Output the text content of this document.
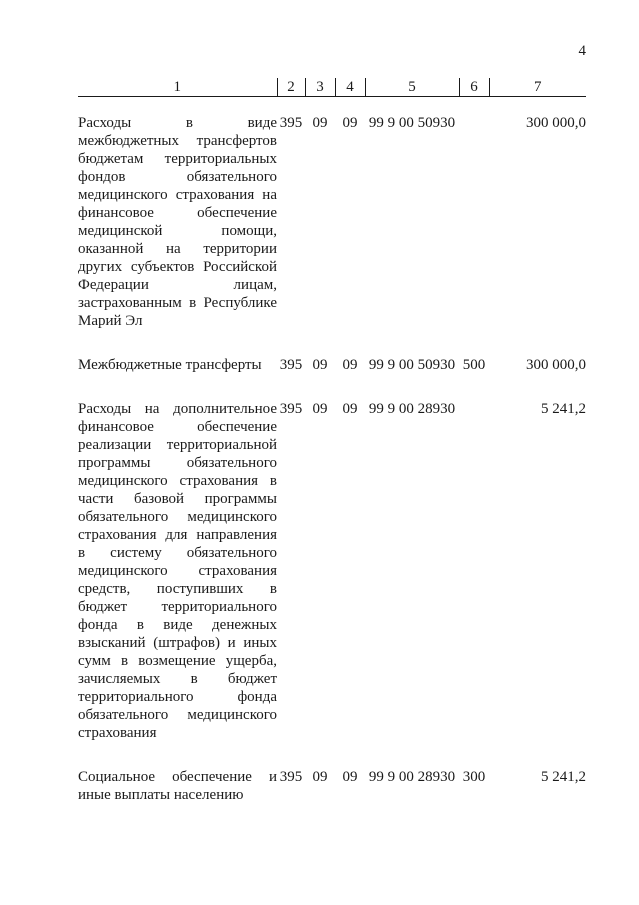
4
1	2	3	4	5	6	7

Расходы в виде межбюджетных трансфертов бюджетам территориальных фондов обязательного медицинского страхования на финансовое обеспечение медицинской помощи, оказанной на территории других субъектов Российской Федерации лицам, застрахованным в Республике Марий Эл	395	09	09	99 9 00 50930		300 000,0

Межбюджетные трансферты	395	09	09	99 9 00 50930	500	300 000,0

Расходы на дополнительное финансовое обеспечение реализации территориальной программы обязательного медицинского страхования в части базовой программы обязательного медицинского страхования для направления в систему обязательного медицинского страхования средств, поступивших в бюджет территориального фонда в виде денежных взысканий (штрафов) и иных сумм в возмещение ущерба, зачисляемых в бюджет территориального фонда обязательного медицинского страхования	395	09	09	99 9 00 28930		5 241,2

Социальное обеспечение и иные выплаты населению	395	09	09	99 9 00 28930	300	5 241,2
